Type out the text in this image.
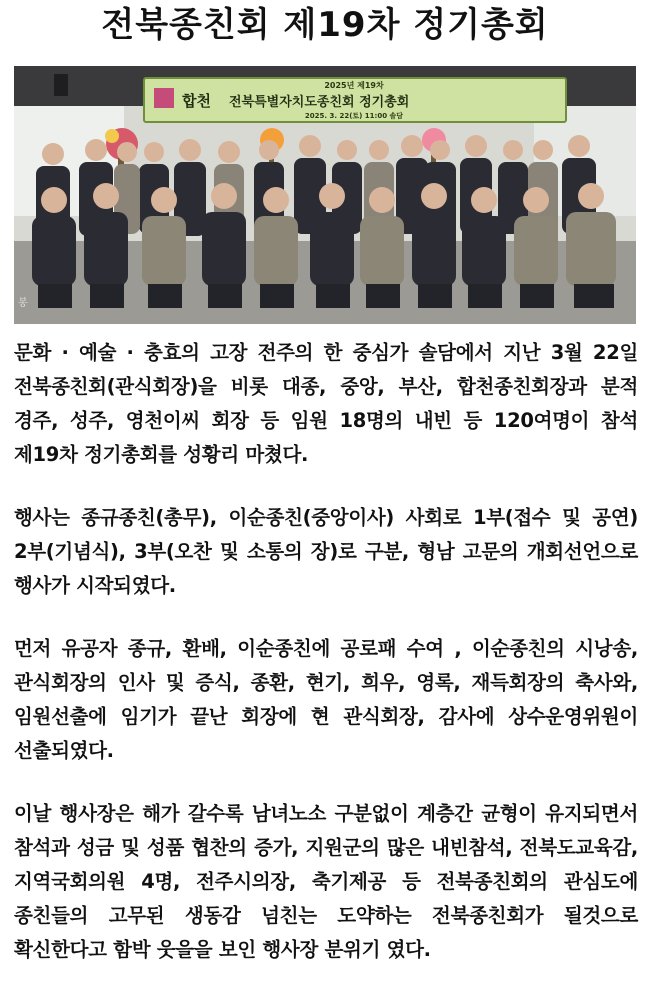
전북종친회 제19차 정기총회
2025년 제19차
합천 전북특별자치도종친회 정기총회
2025. 3. 22(토) 11:00 솔담
봉

문화 · 예술 · 충효의 고장 전주의 한 중심가 솔담에서 지난 3월 22일 전북종친회(관식회장)을 비롯 대종, 중앙, 부산, 합천종친회장과 분적 경주, 성주, 영천이씨 회장 등 임원 18명의 내빈 등 120여명이 참석 제19차 정기총회를 성황리 마쳤다.

행사는 종규종친(총무), 이순종친(중앙이사) 사회로 1부(접수 및 공연) 2부(기념식), 3부(오찬 및 소통의 장)로 구분, 형남 고문의 개회선언으로 행사가 시작되였다.

먼저 유공자 종규, 환배, 이순종친에 공로패 수여 , 이순종친의 시낭송, 관식회장의 인사 및 증식, 종환, 현기, 희우, 영록, 재득회장의 축사와, 임원선출에 임기가 끝난 회장에 현 관식회장, 감사에 상수운영위원이 선출되였다.

이날 행사장은 해가 갈수록 남녀노소 구분없이 계층간 균형이 유지되면서 참석과 성금 및 성품 협찬의 증가, 지원군의 많은 내빈참석, 전북도교육감, 지역국회의원 4명, 전주시의장, 축기제공 등 전북종친회의 관심도에 종친들의 고무된 생동감 넘친는 도약하는 전북종친회가 될것으로 확신한다고 함박 웃을을 보인 행사장 분위기 였다.
